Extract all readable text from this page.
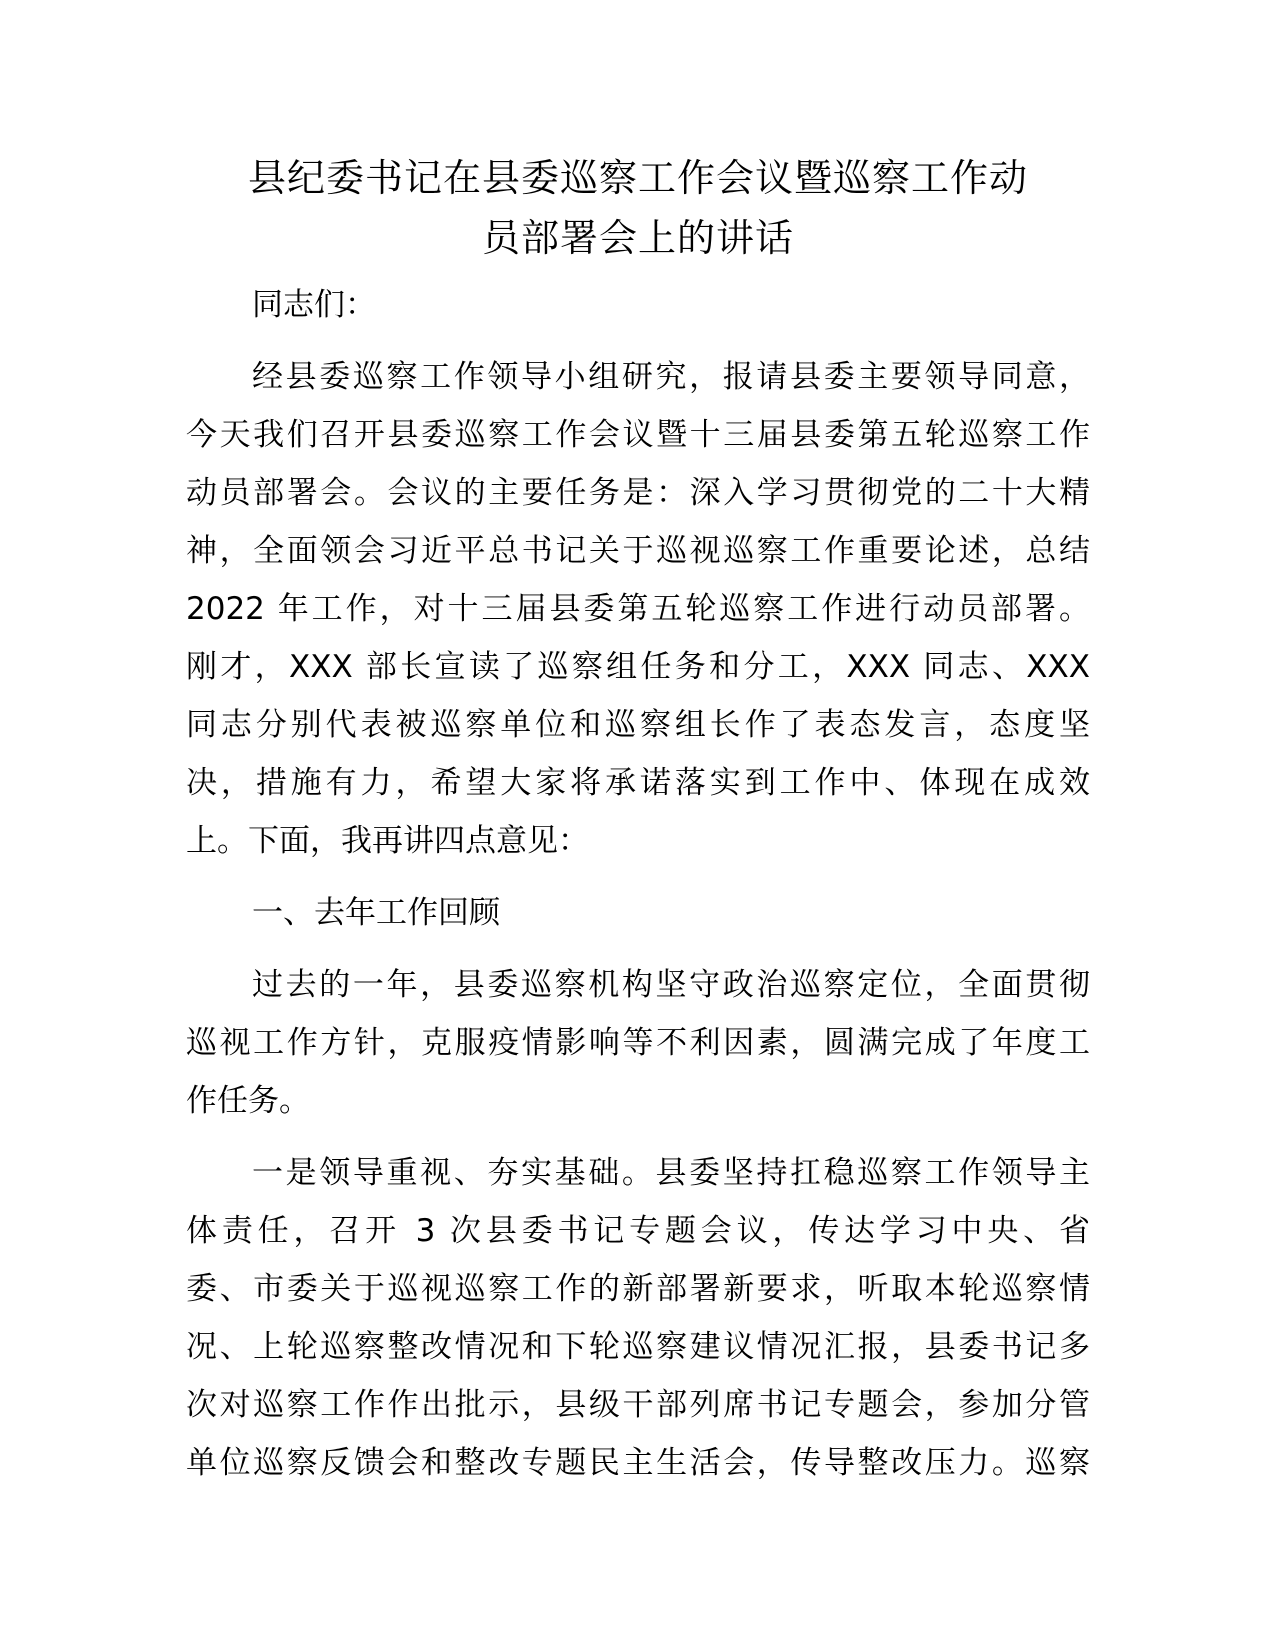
县纪委书记在县委巡察工作会议暨巡察工作动
员部署会上的讲话
同志们：
经县委巡察工作领导小组研究，报请县委主要领导同意，
今天我们召开县委巡察工作会议暨十三届县委第五轮巡察工作
动员部署会。会议的主要任务是：深入学习贯彻党的二十大精
神，全面领会习近平总书记关于巡视巡察工作重要论述，总结
2022 年工作，对十三届县委第五轮巡察工作进行动员部署。
刚才，XXX 部长宣读了巡察组任务和分工，XXX 同志、XXX
同志分别代表被巡察单位和巡察组长作了表态发言，态度坚
决，措施有力，希望大家将承诺落实到工作中、体现在成效
上。下面，我再讲四点意见：
一、去年工作回顾
过去的一年，县委巡察机构坚守政治巡察定位，全面贯彻
巡视工作方针，克服疫情影响等不利因素，圆满完成了年度工
作任务。
一是领导重视、夯实基础。县委坚持扛稳巡察工作领导主
体责任，召开 3 次县委书记专题会议，传达学习中央、省
委、市委关于巡视巡察工作的新部署新要求，听取本轮巡察情
况、上轮巡察整改情况和下轮巡察建议情况汇报，县委书记多
次对巡察工作作出批示，县级干部列席书记专题会，参加分管
单位巡察反馈会和整改专题民主生活会，传导整改压力。巡察
